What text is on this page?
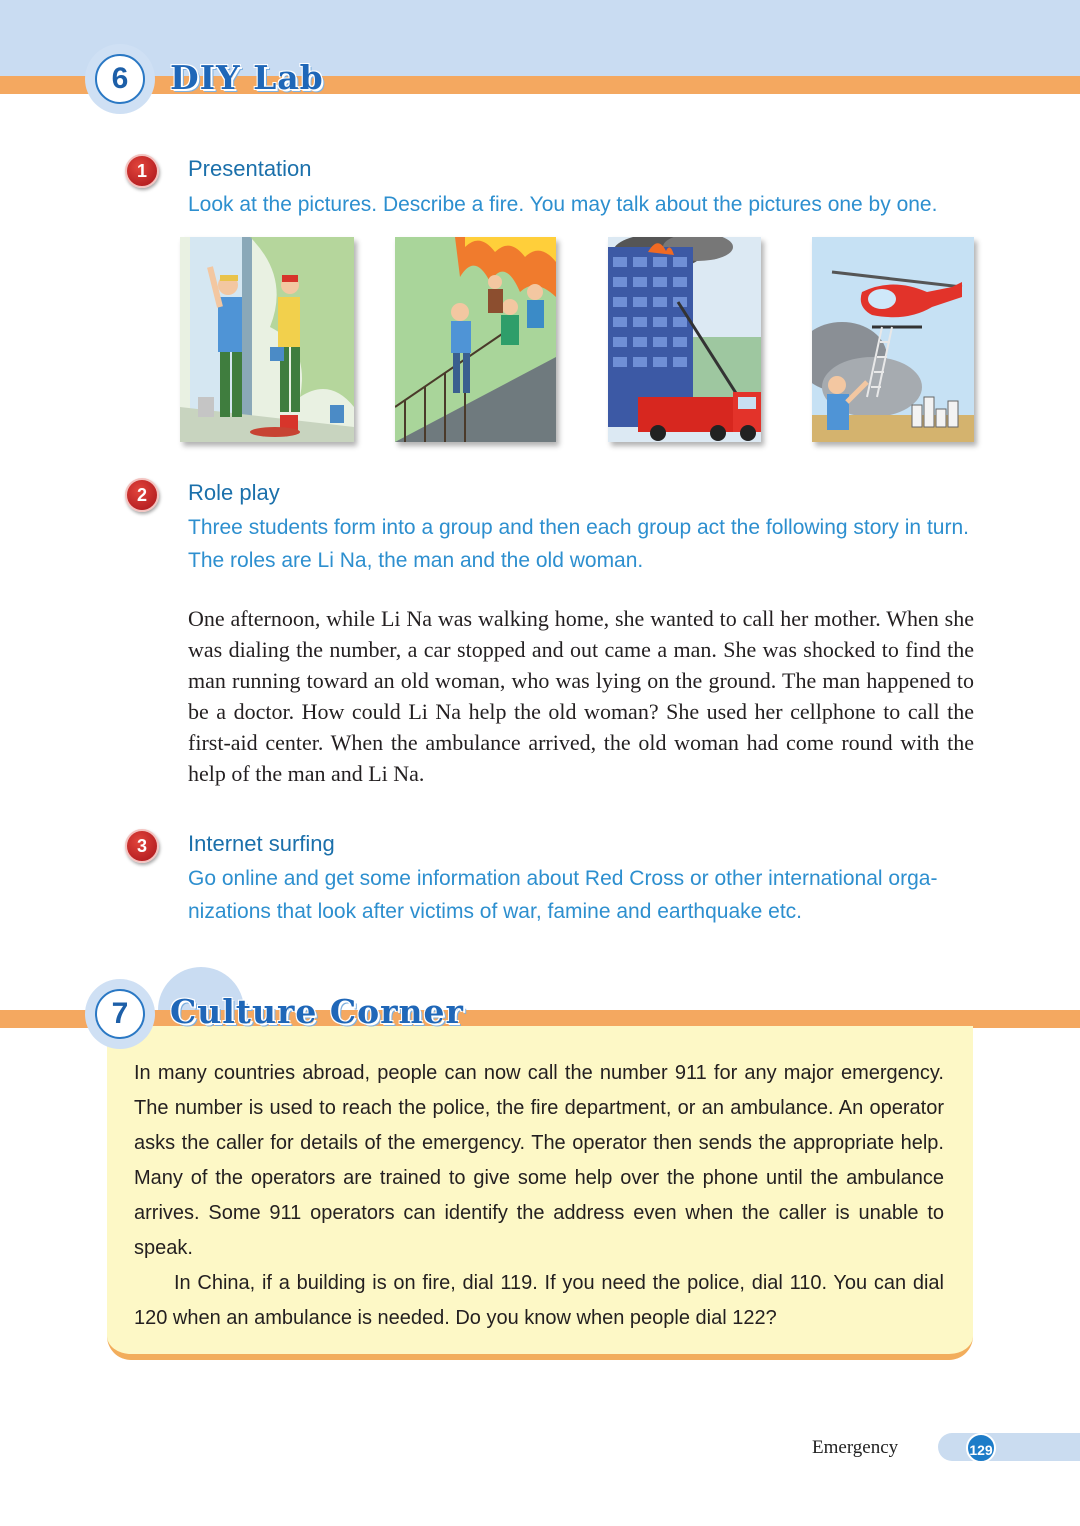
6	DIY Lab
1	Presentation
Look at the pictures. Describe a fire. You may talk about the pictures one by one.
2	Role play
Three students form into a group and then each group act the following story in turn. The roles are Li Na, the man and the old woman.
One afternoon, while Li Na was walking home, she wanted to call her mother. When she was dialing the number, a car stopped and out came a man. She was shocked to find the man running toward an old woman, who was lying on the ground. The man happened to be a doctor. How could Li Na help the old woman? She used her cellphone to call the first-aid center. When the ambulance arrived, the old woman had come round with the help of the man and Li Na.
3	Internet surfing
Go online and get some information about Red Cross or other international organizations that look after victims of war, famine and earthquake etc.
7	Culture Corner

In many countries abroad, people can now call the number 911 for any major emergency. The number is used to reach the police, the fire department, or an ambulance. An operator asks the caller for details of the emergency. The operator then sends the appropriate help. Many of the operators are trained to give some help over the phone until the ambulance arrives. Some 911 operators can identify the address even when the caller is unable to speak.

In China, if a building is on fire, dial 119. If you need the police, dial 110. You can dial 120 when an ambulance is needed. Do you know when people dial 122?

Emergency	129
